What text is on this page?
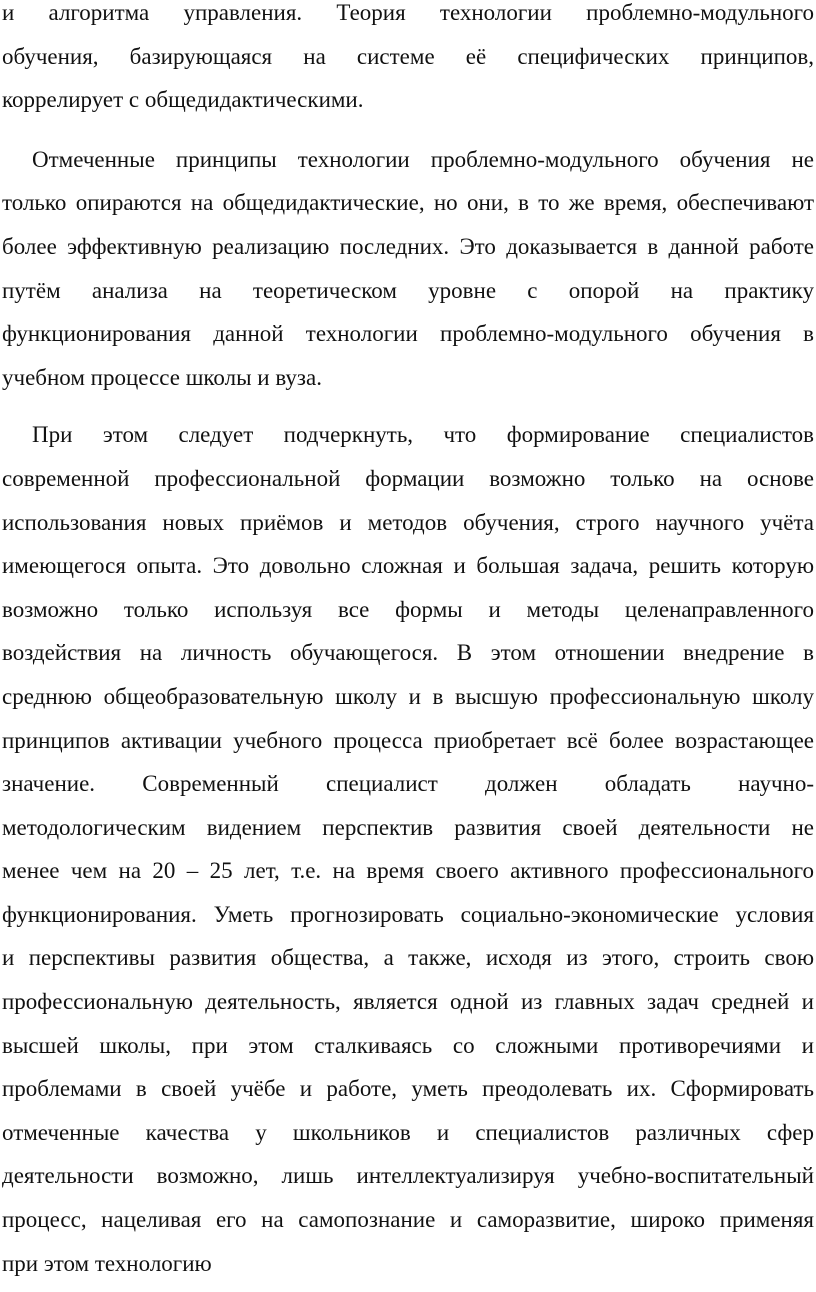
и алгоритма управления. Теория технологии проблемно-модульного
обучения, базирующаяся на системе её специфических принципов,
коррелирует с общедидактическими.
Отмеченные принципы технологии проблемно-модульного обучения не
только опираются на общедидактические, но они, в то же время, обеспечивают
более эффективную реализацию последних. Это доказывается в данной работе
путём анализа на теоретическом уровне с опорой на практику
функционирования данной технологии проблемно-модульного обучения в
учебном процессе школы и вуза.
При этом следует подчеркнуть, что формирование специалистов
современной профессиональной формации возможно только на основе
использования новых приёмов и методов обучения, строго научного учёта
имеющегося опыта. Это довольно сложная и большая задача, решить которую
возможно только используя все формы и методы целенаправленного
воздействия на личность обучающегося. В этом отношении внедрение в
среднюю общеобразовательную школу и в высшую профессиональную школу
принципов активации учебного процесса приобретает всё более возрастающее
значение. Современный специалист должен обладать научно-
методологическим видением перспектив развития своей деятельности не
менее чем на 20 – 25 лет, т.е. на время своего активного профессионального
функционирования. Уметь прогнозировать социально-экономические условия
и перспективы развития общества, а также, исходя из этого, строить свою
профессиональную деятельность, является одной из главных задач средней и
высшей школы, при этом сталкиваясь со сложными противоречиями и
проблемами в своей учёбе и работе, уметь преодолевать их. Сформировать
отмеченные качества у школьников и специалистов различных сфер
деятельности возможно, лишь интеллектуализируя учебно-воспитательный
процесс, нацеливая его на самопознание и саморазвитие, широко применяя
при этом технологию
